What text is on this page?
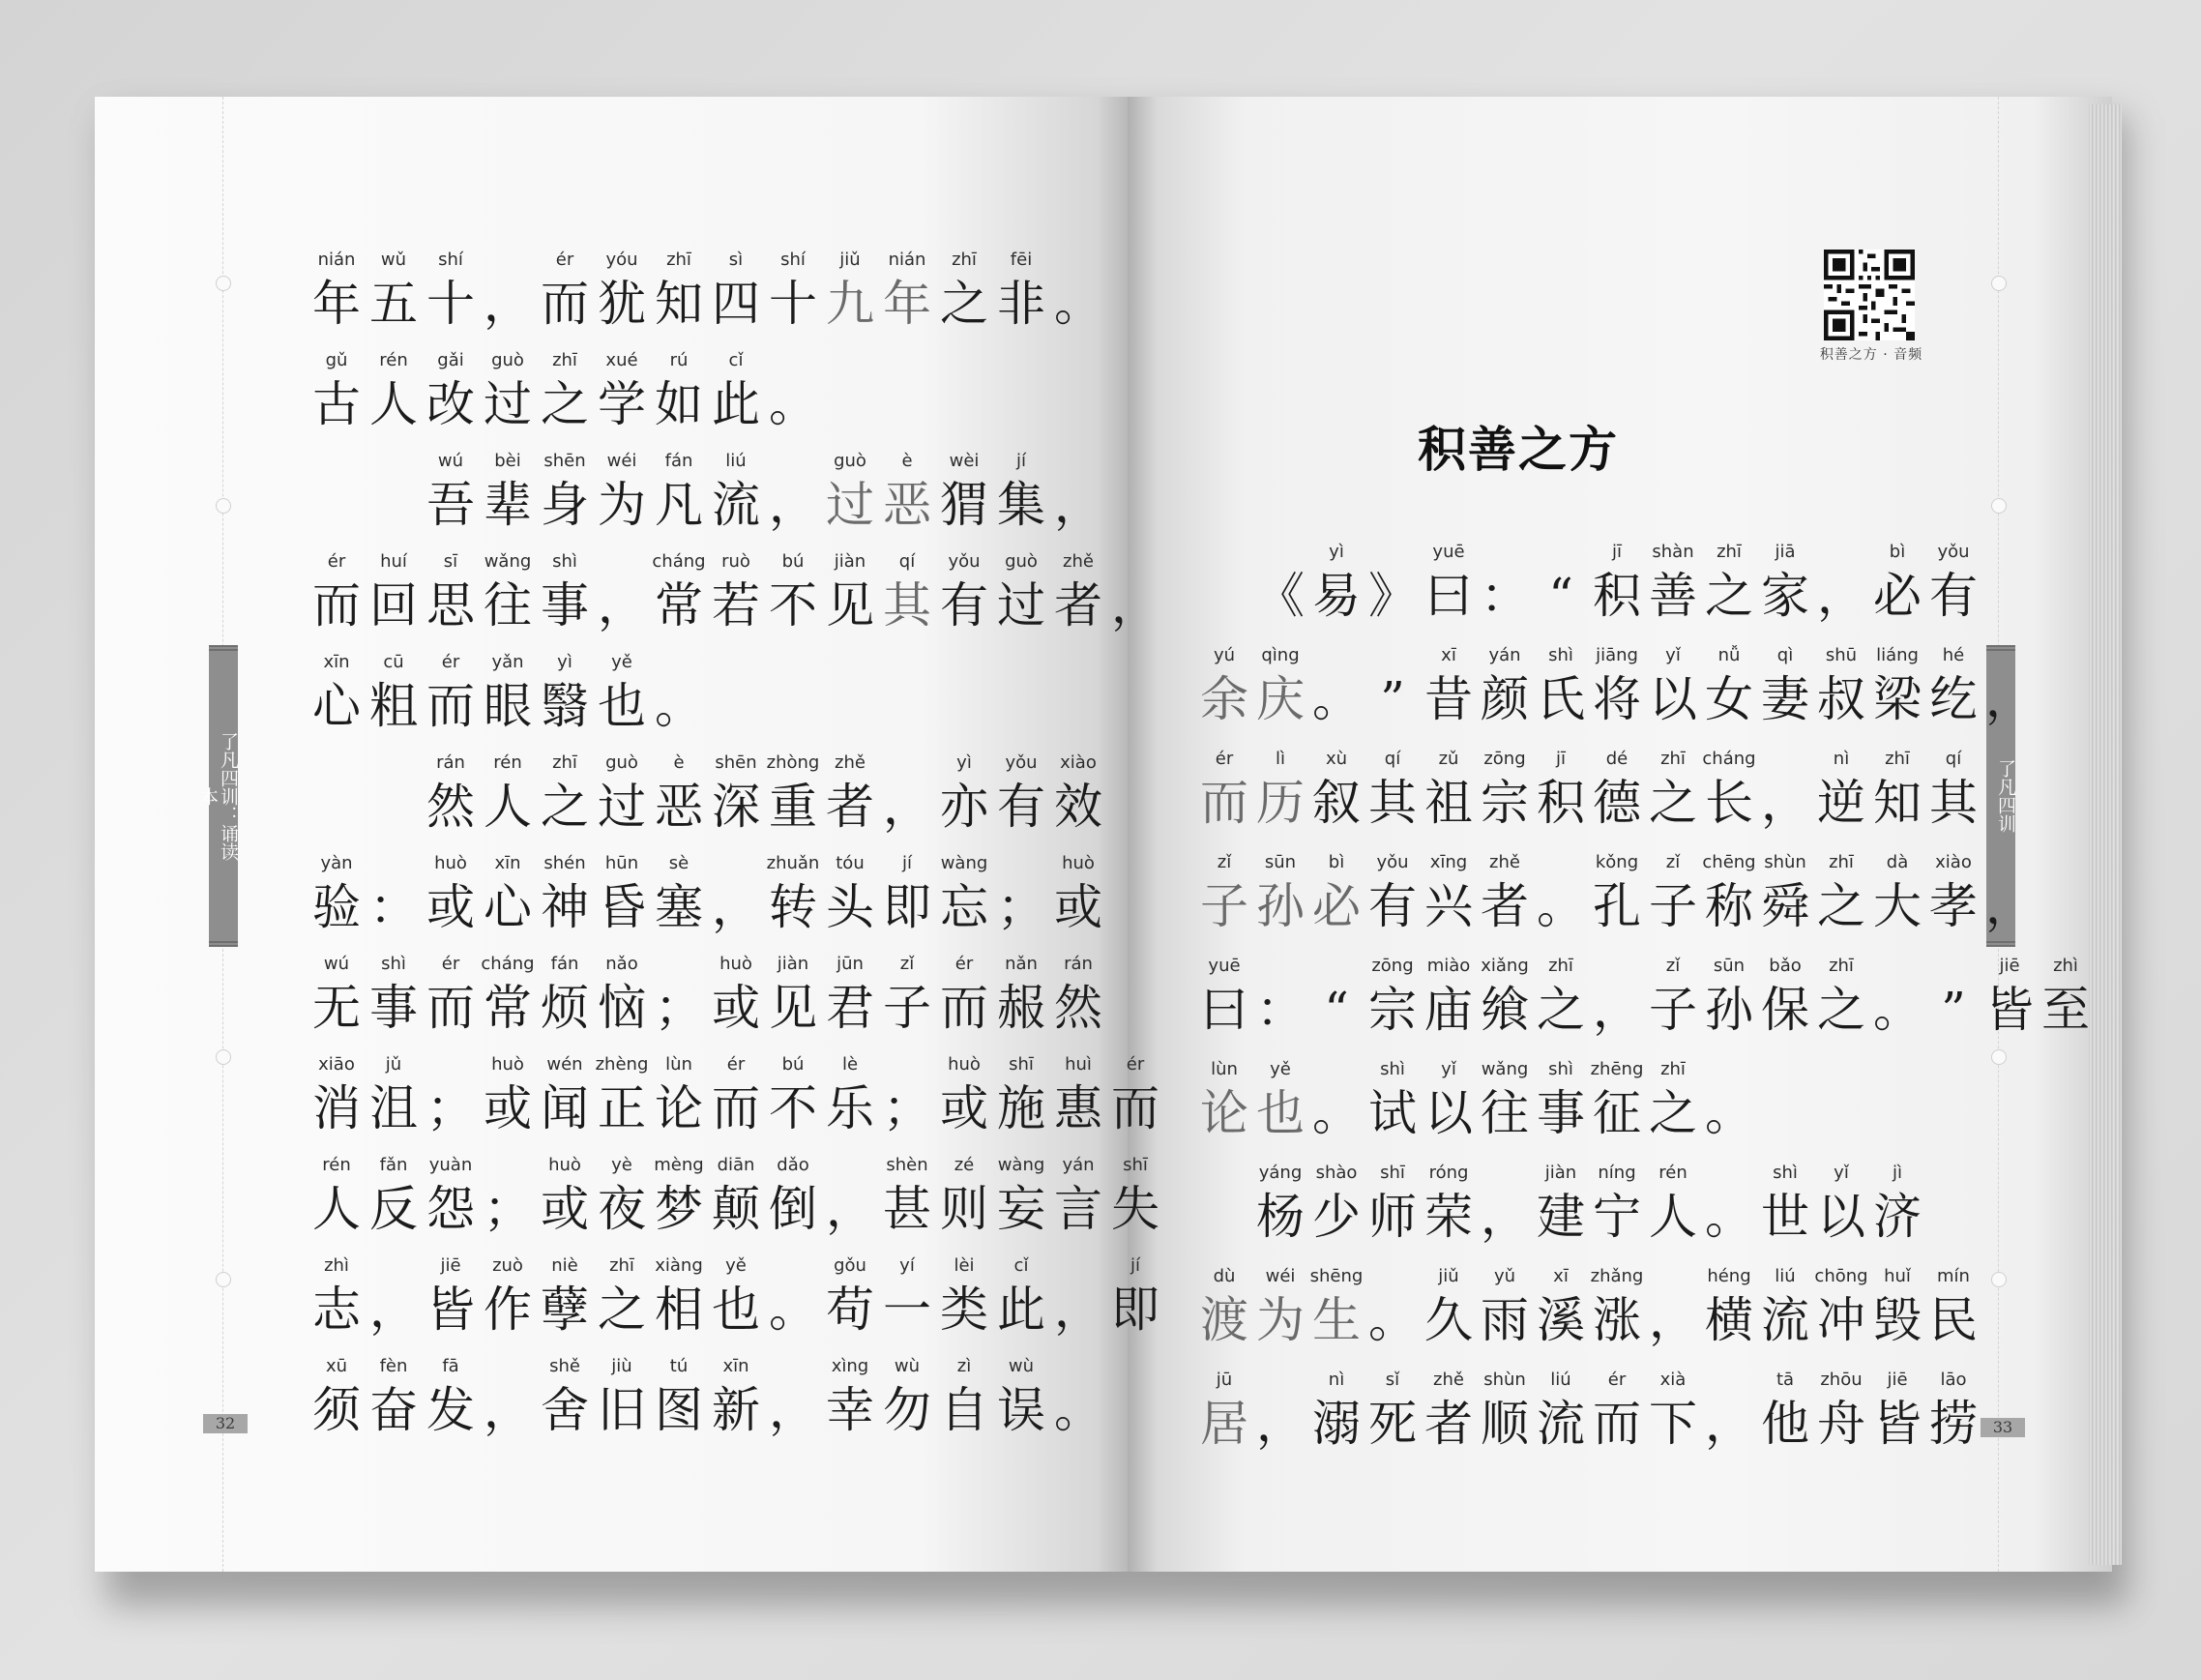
了凡四训：诵读本
32
了凡四训
33
积善之方
积善之方 · 音频
nián
年
wǔ
五
shí
十 ，
ér
而
yóu
犹
zhī
知
sì
四
shí
十
jiǔ
九
nián
年
zhī
之
fēi
非 。
gǔ
古
rén
人
gǎi
改
guò
过
zhī
之
xué
学
rú
如
cǐ
此 。
wú
吾
bèi
辈
shēn
身
wéi
为
fán
凡
liú
流 ，
guò
过
è
恶
wèi
猬
jí
集 ，
ér
而
huí
回
sī
思
wǎng
往
shì
事 ，
cháng
常
ruò
若
bú
不
jiàn
见
qí
其
yǒu
有
guò
过
zhě
者 ，
xīn
心
cū
粗
ér
而
yǎn
眼
yì
翳
yě
也 。
rán
然
rén
人
zhī
之
guò
过
è
恶
shēn
深
zhòng
重
zhě
者 ，
yì
亦
yǒu
有
xiào
效
yàn
验 ：
huò
或
xīn
心
shén
神
hūn
昏
sè
塞 ，
zhuǎn
转
tóu
头
jí
即
wàng
忘 ；
huò
或
wú
无
shì
事
ér
而
cháng
常
fán
烦
nǎo
恼 ；
huò
或
jiàn
见
jūn
君
zǐ
子
ér
而
nǎn
赧
rán
然
xiāo
消
jǔ
沮 ；
huò
或
wén
闻
zhèng
正
lùn
论
ér
而
bú
不
lè
乐 ；
huò
或
shī
施
huì
惠
ér
而
rén
人
fǎn
反
yuàn
怨 ；
huò
或
yè
夜
mèng
梦
diān
颠
dǎo
倒 ，
shèn
甚
zé
则
wàng
妄
yán
言
shī
失
zhì
志 ，
jiē
皆
zuò
作
niè
孽
zhī
之
xiàng
相
yě
也 。
gǒu
苟
yí
一
lèi
类
cǐ
此 ，
jí
即
xū
须
fèn
奋
fā
发 ，
shě
舍
jiù
旧
tú
图
xīn
新 ，
xìng
幸
wù
勿
zì
自
wù
误 。
《
yì
易 》
yuē
曰 ： “
jī
积
shàn
善
zhī
之
jiā
家 ，
bì
必
yǒu
有
yú
余
qìng
庆 。 ”
xī
昔
yán
颜
shì
氏
jiāng
将
yǐ
以
nǚ
女
qì
妻
shū
叔
liáng
梁
hé
纥 ，
ér
而
lì
历
xù
叙
qí
其
zǔ
祖
zōng
宗
jī
积
dé
德
zhī
之
cháng
长 ，
nì
逆
zhī
知
qí
其
zǐ
子
sūn
孙
bì
必
yǒu
有
xīng
兴
zhě
者 。
kǒng
孔
zǐ
子
chēng
称
shùn
舜
zhī
之
dà
大
xiào
孝 ，
yuē
曰 ： “
zōng
宗
miào
庙
xiǎng
飨
zhī
之 ，
zǐ
子
sūn
孙
bǎo
保
zhī
之 。 ”
jiē
皆
zhì
至
lùn
论
yě
也 。
shì
试
yǐ
以
wǎng
往
shì
事
zhēng
征
zhī
之 。
yáng
杨
shào
少
shī
师
róng
荣 ，
jiàn
建
níng
宁
rén
人 。
shì
世
yǐ
以
jì
济
dù
渡
wéi
为
shēng
生 。
jiǔ
久
yǔ
雨
xī
溪
zhǎng
涨 ，
héng
横
liú
流
chōng
冲
huǐ
毁
mín
民
jū
居 ，
nì
溺
sǐ
死
zhě
者
shùn
顺
liú
流
ér
而
xià
下 ，
tā
他
zhōu
舟
jiē
皆
lāo
捞
